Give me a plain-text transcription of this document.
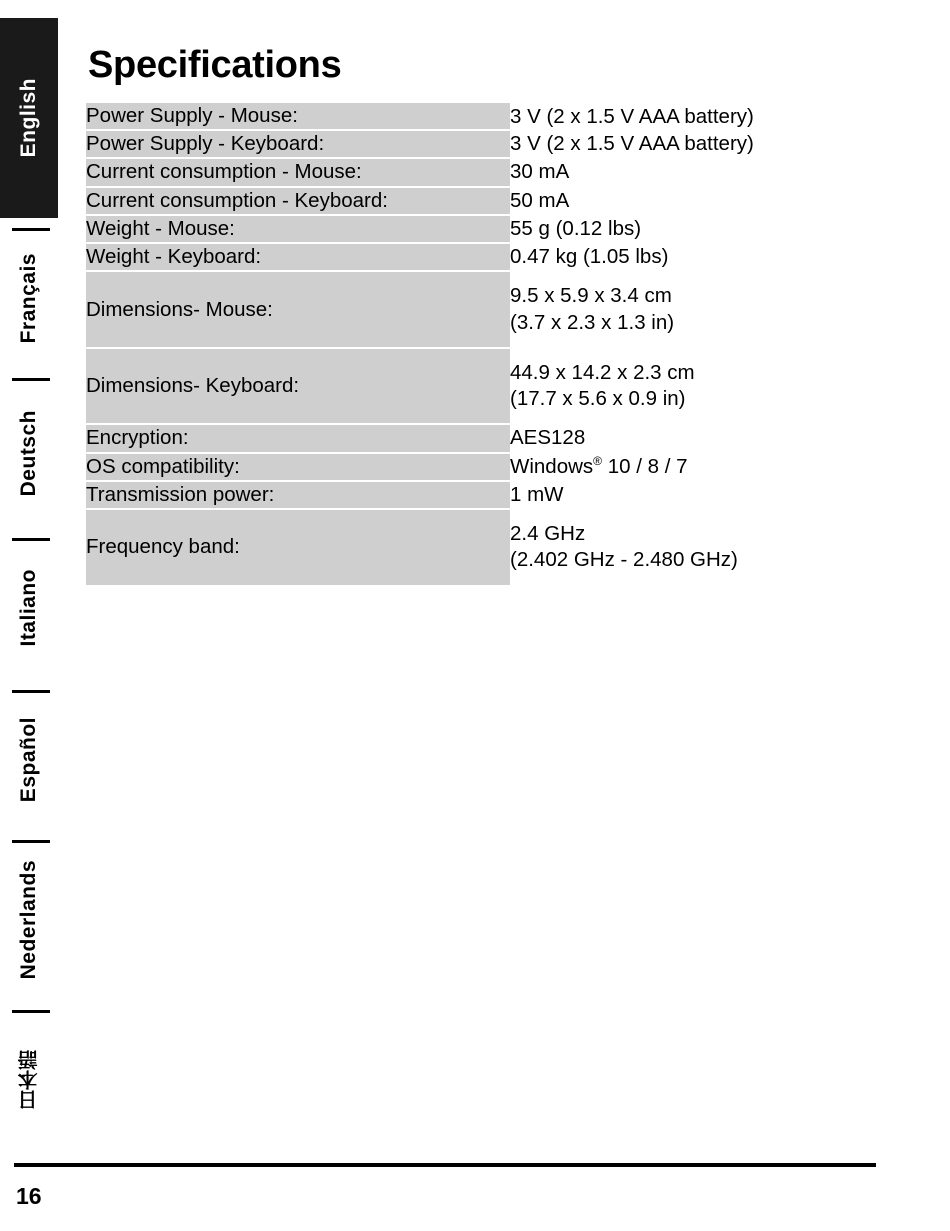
English
Français
Deutsch
Italiano
Español
Nederlands
日本語
Specifications
Power Supply - Mouse:	3 V (2 x 1.5 V AAA battery)
Power Supply - Keyboard:	3 V (2 x 1.5 V AAA battery)
Current consumption - Mouse:	30 mA
Current consumption - Keyboard:	50 mA
Weight - Mouse:	55 g (0.12 lbs)
Weight - Keyboard:	0.47 kg (1.05 lbs)
Dimensions- Mouse:	9.5 x 5.9 x 3.4 cm
(3.7 x 2.3 x 1.3 in)

Dimensions- Keyboard:	44.9 x 14.2 x 2.3 cm
(17.7 x 5.6 x 0.9 in)

Encryption:	AES128
OS compatibility:	Windows® 10 / 8 / 7
Transmission power:	1 mW
Frequency band:	2.4 GHz
(2.402 GHz - 2.480 GHz)
16
